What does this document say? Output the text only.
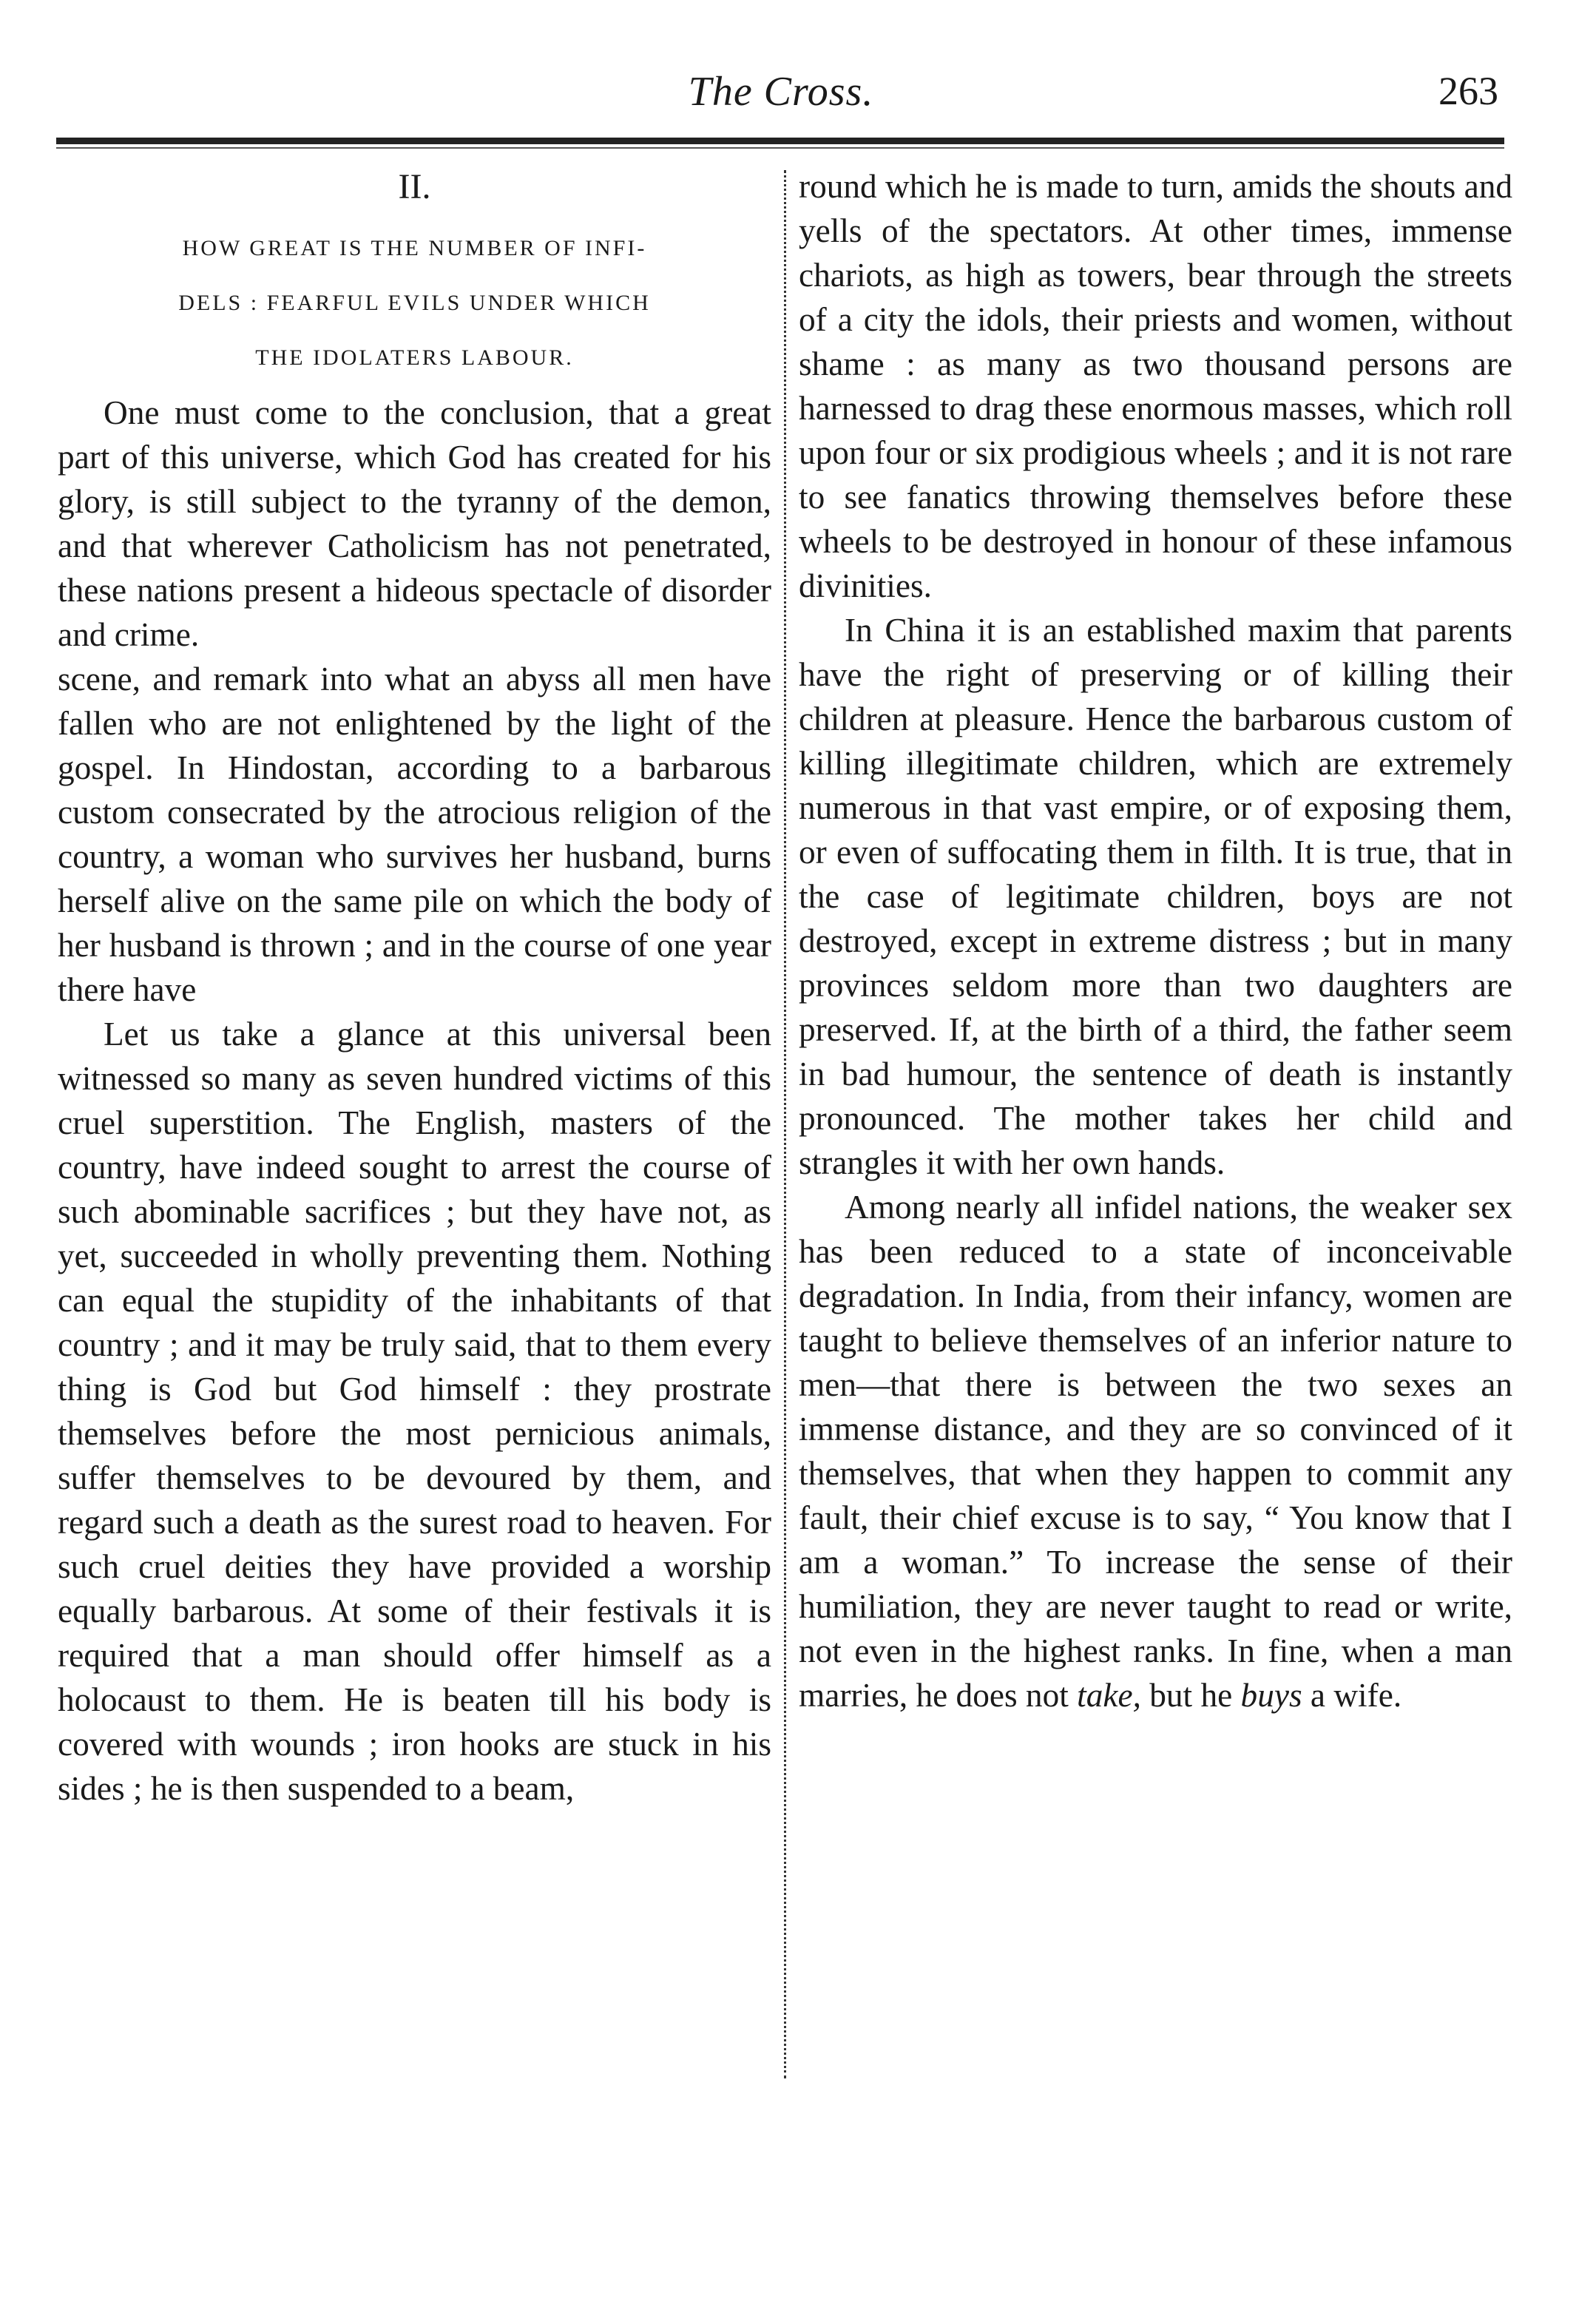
The Cross.	263
II.
HOW GREAT IS THE NUMBER OF INFI-
DELS : FEARFUL EVILS UNDER WHICH
THE IDOLATERS LABOUR.

One must come to the conclusion, that a great part of this universe, which God has created for his glory, is still subject to the tyranny of the demon, and that wherever Catholicism has not penetrated, these nations present a hideous spectacle of disorder and crime.

scene, and remark into what an abyss all men have fallen who are not enlightened by the light of the gospel. In Hindostan, according to a barbarous custom consecrated by the atrocious religion of the country, a woman who survives her husband, burns herself alive on the same pile on which the body of her husband is thrown ; and in the course of one year there have

Let us take a glance at this universal been witnessed so many as seven hundred victims of this cruel superstition. The English, masters of the country, have indeed sought to arrest the course of such abominable sacrifices ; but they have not, as yet, succeeded in wholly preventing them. Nothing can equal the stupidity of the inhabitants of that country ; and it may be truly said, that to them every thing is God but God himself : they prostrate themselves before the most pernicious animals, suffer themselves to be devoured by them, and regard such a death as the surest road to heaven. For such cruel deities they have provided a worship equally barbarous. At some of their festivals it is required that a man should offer himself as a holocaust to them. He is beaten till his body is covered with wounds ; iron hooks are stuck in his sides ; he is then suspended to a beam,

round which he is made to turn, amids the shouts and yells of the spectators. At other times, immense chariots, as high as towers, bear through the streets of a city the idols, their priests and women, without shame : as many as two thousand persons are harnessed to drag these enormous masses, which roll upon four or six prodigious wheels ; and it is not rare to see fanatics throwing themselves before these wheels to be destroyed in honour of these infamous divinities.

In China it is an established maxim that parents have the right of preserving or of killing their children at pleasure. Hence the barbarous custom of killing illegitimate children, which are extremely numerous in that vast empire, or of exposing them, or even of suffocating them in filth. It is true, that in the case of legitimate children, boys are not destroyed, except in extreme distress ; but in many provinces seldom more than two daughters are preserved. If, at the birth of a third, the father seem in bad humour, the sentence of death is instantly pronounced. The mother takes her child and strangles it with her own hands.

Among nearly all infidel nations, the weaker sex has been reduced to a state of inconceivable degradation. In India, from their infancy, women are taught to believe themselves of an inferior nature to men—that there is between the two sexes an immense distance, and they are so convinced of it themselves, that when they happen to commit any fault, their chief excuse is to say, “ You know that I am a woman.” To increase the sense of their humiliation, they are never taught to read or write, not even in the highest ranks. In fine, when a man marries, he does not take, but he buys a wife.
